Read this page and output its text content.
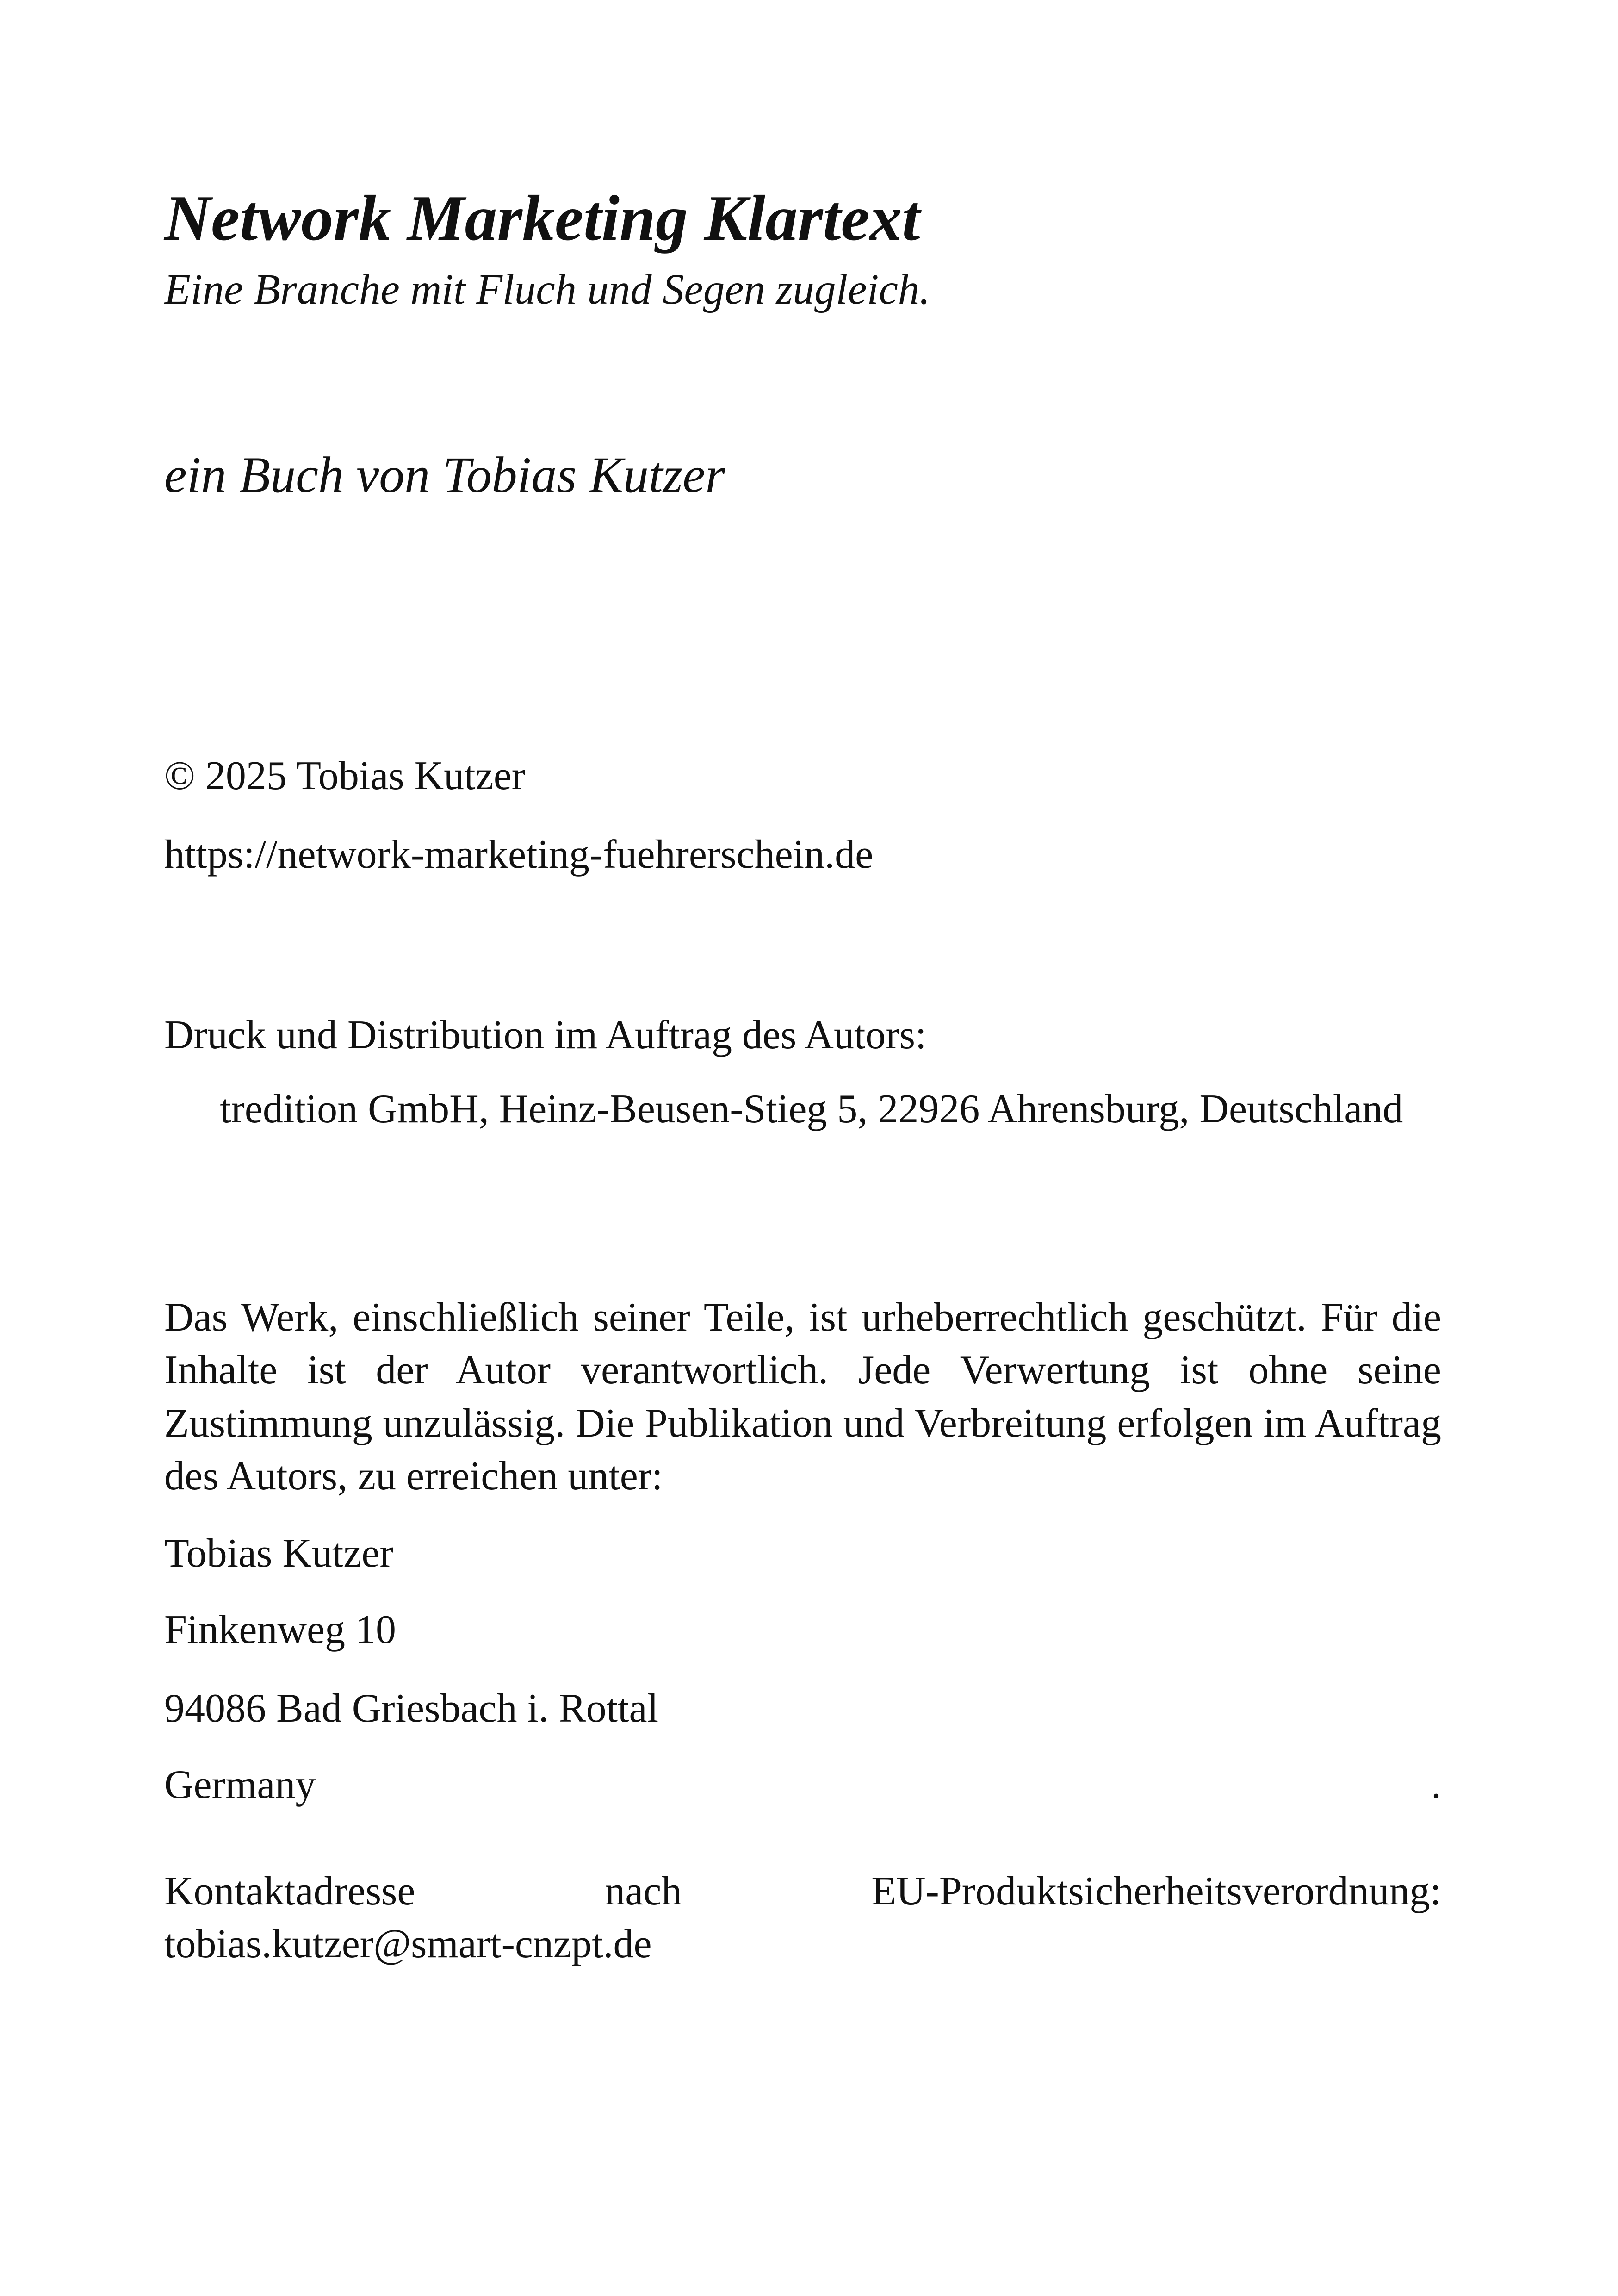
Network Marketing Klartext

Eine Branche mit Fluch und Segen zugleich.

ein Buch von Tobias Kutzer

© 2025 Tobias Kutzer

https://network-marketing-fuehrerschein.de

Druck und Distribution im Auftrag des Autors:

tredition GmbH, Heinz-Beusen-Stieg 5, 22926 Ahrensburg, Deutschland

Das Werk, einschließlich seiner Teile, ist urheberrechtlich geschützt. Für die Inhalte ist der Autor verantwortlich. Jede Verwertung ist ohne seine Zustimmung unzulässig. Die Publikation und Verbreitung erfolgen im Auftrag des Autors, zu erreichen unter:

Tobias Kutzer

Finkenweg 10

94086 Bad Griesbach i. Rottal

Germany	.
Kontaktadresse	nach	EU-Produktsicherheitsverordnung:
tobias.kutzer@smart-cnzpt.de
